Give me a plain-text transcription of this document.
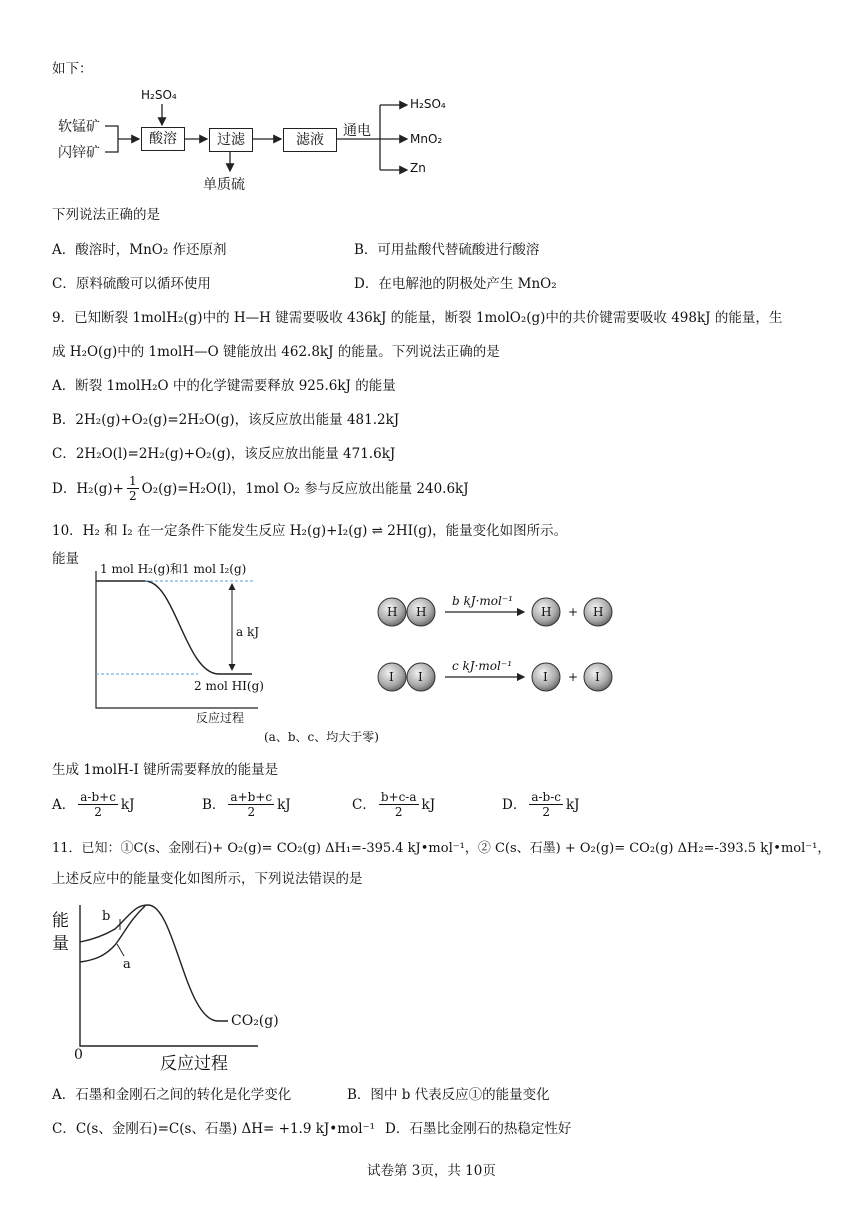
如下：
软锰矿
闪锌矿
H₂SO₄
酸溶	过滤	滤液
单质硫
通电
H₂SO₄
MnO₂
Zn
下列说法正确的是
A．酸溶时，MnO₂ 作还原剂	B．可用盐酸代替硫酸进行酸溶
C．原料硫酸可以循环使用	D．在电解池的阴极处产生 MnO₂
9．已知断裂 1molH₂(g)中的 H—H 键需要吸收 436kJ 的能量，断裂 1molO₂(g)中的共价键需要吸收 498kJ 的能量，生
成 H₂O(g)中的 1molH—O 键能放出 462.8kJ 的能量。下列说法正确的是
A．断裂 1molH₂O 中的化学键需要释放 925.6kJ 的能量
B．2H₂(g)+O₂(g)=2H₂O(g)，该反应放出能量 481.2kJ
C．2H₂O(l)=2H₂(g)+O₂(g)，该反应放出能量 471.6kJ
D．$H_2(g)+ \frac{1}{2} O_2(g)=H_2O(l)$，1mol O₂ 参与反应放出能量 240.6kJ
10．H₂ 和 I₂ 在一定条件下能发生反应 H₂(g)+I₂(g) ⇌ 2HI(g)，能量变化如图所示。
能量
1 mol H₂(g)和1 mol I₂(g)
a kJ
2 mol HI(g)
反应过程
(a、b、c、均大于零)
H H	H	H
+
I I	I	I
+
b kJ·mol⁻¹
c kJ·mol⁻¹
生成 1molH-I 键所需要释放的能量是
A． $\frac{a-b+c}{2}$ kJ	B． $\frac{a+b+c}{2}$ kJ	C． $\frac{b+c-a}{2}$ kJ	D． $\frac{a-b-c}{2}$ kJ
11．已知：①C(s、金刚石)+ O₂(g)= CO₂(g) ΔH₁=-395.4 kJ•mol⁻¹，② C(s、石墨) + O₂(g)= CO₂(g) ΔH₂=-393.5 kJ•mol⁻¹，
上述反应中的能量变化如图所示，下列说法错误的是
能
量
b
a
CO₂(g)
0	反应过程
A．石墨和金刚石之间的转化是化学变化	B．图中 b 代表反应①的能量变化
C．C(s、金刚石)=C(s、石墨) ΔH= +1.9 kJ•mol⁻¹ D．石墨比金刚石的热稳定性好
试卷第 3页，共 10页
